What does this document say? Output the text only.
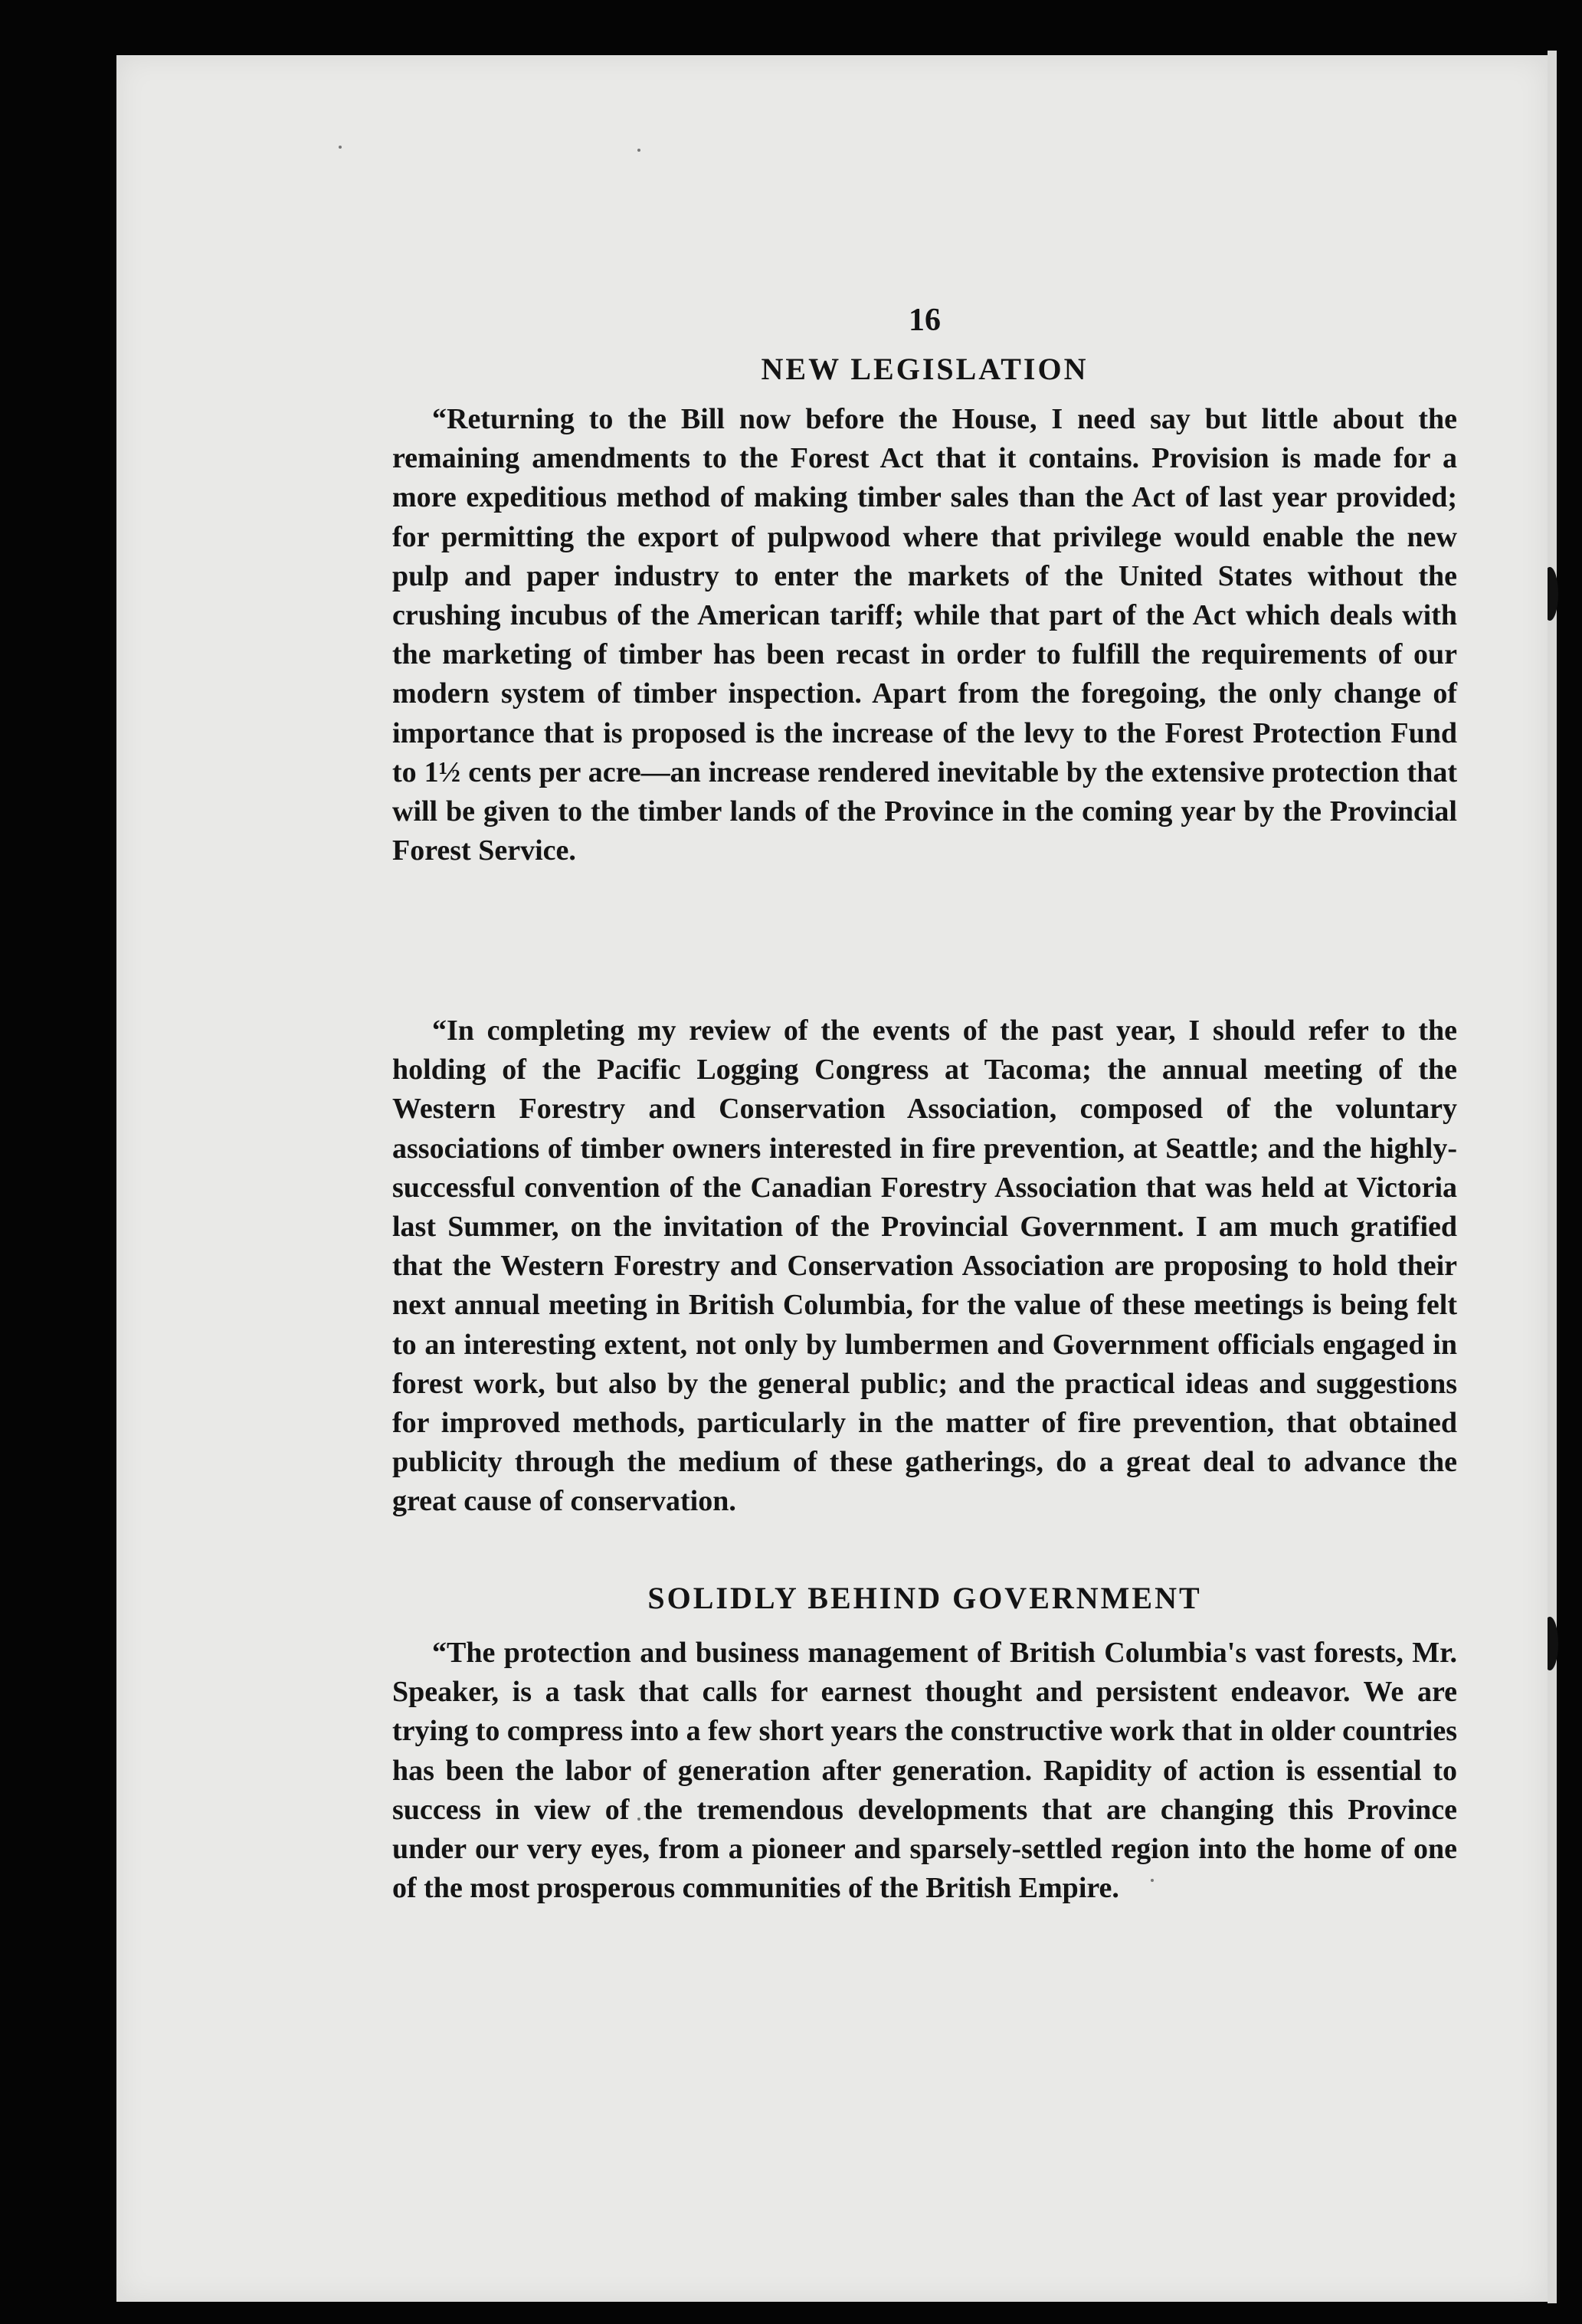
16
NEW LEGISLATION

“Returning to the Bill now before the House, I need say but little about the remaining amendments to the Forest Act that it contains. Provision is made for a more expeditious method of making timber sales than the Act of last year provided; for permitting the export of pulpwood where that privilege would enable the new pulp and paper industry to enter the markets of the United States without the crushing incubus of the American tariff; while that part of the Act which deals with the marketing of timber has been recast in order to fulfill the requirements of our modern system of timber inspection. Apart from the foregoing, the only change of importance that is proposed is the increase of the levy to the Forest Protection Fund to 1½ cents per acre—an increase rendered inevitable by the extensive protection that will be given to the timber lands of the Province in the coming year by the Provincial Forest Service.

“In completing my review of the events of the past year, I should refer to the holding of the Pacific Logging Congress at Tacoma; the annual meeting of the Western Forestry and Conservation Association, composed of the voluntary associations of timber owners interested in fire prevention, at Seattle; and the highly-successful convention of the Canadian Forestry Association that was held at Victoria last Summer, on the invitation of the Provincial Government. I am much gratified that the Western Forestry and Conservation Association are proposing to hold their next annual meeting in British Columbia, for the value of these meetings is being felt to an interesting extent, not only by lumbermen and Government officials engaged in forest work, but also by the general public; and the practical ideas and suggestions for improved methods, particularly in the matter of fire prevention, that obtained publicity through the medium of these gatherings, do a great deal to advance the great cause of conservation.

SOLIDLY BEHIND GOVERNMENT

“The protection and business management of British Columbia's vast forests, Mr. Speaker, is a task that calls for earnest thought and persistent endeavor. We are trying to compress into a few short years the constructive work that in older countries has been the labor of generation after generation. Rapidity of action is essential to success in view of the tremendous developments that are changing this Province under our very eyes, from a pioneer and sparsely-settled region into the home of one of the most prosperous communities of the British Empire.
